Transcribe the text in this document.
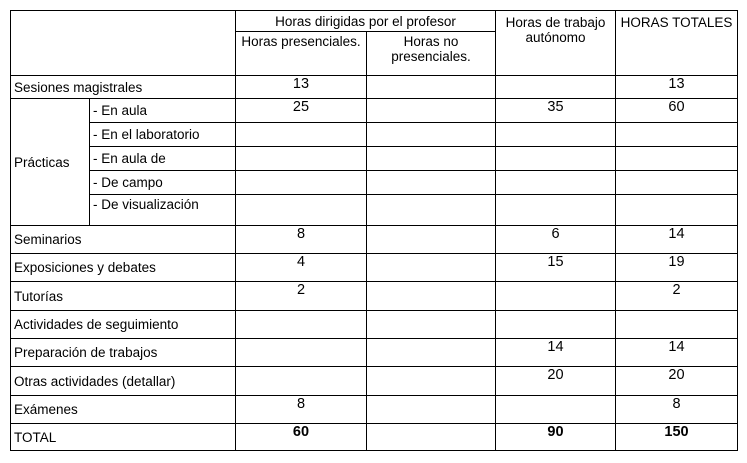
		Horas dirigidas por el profesor		Horas de trabajo autónomo	HORAS TOTALES
		Horas presenciales.	Horas no presenciales.		
Sesiones magistrales		13			13
Prácticas	- En aula	25		35	60
	- En el laboratorio				
	- En aula de				
	- De campo				
	- De visualización				
Seminarios		8		6	14
Exposiciones y debates		4		15	19
Tutorías		2			2
Actividades de seguimiento					
Preparación de trabajos				14	14
Otras actividades (detallar)				20	20
Exámenes		8			8
TOTAL		60		90	150
